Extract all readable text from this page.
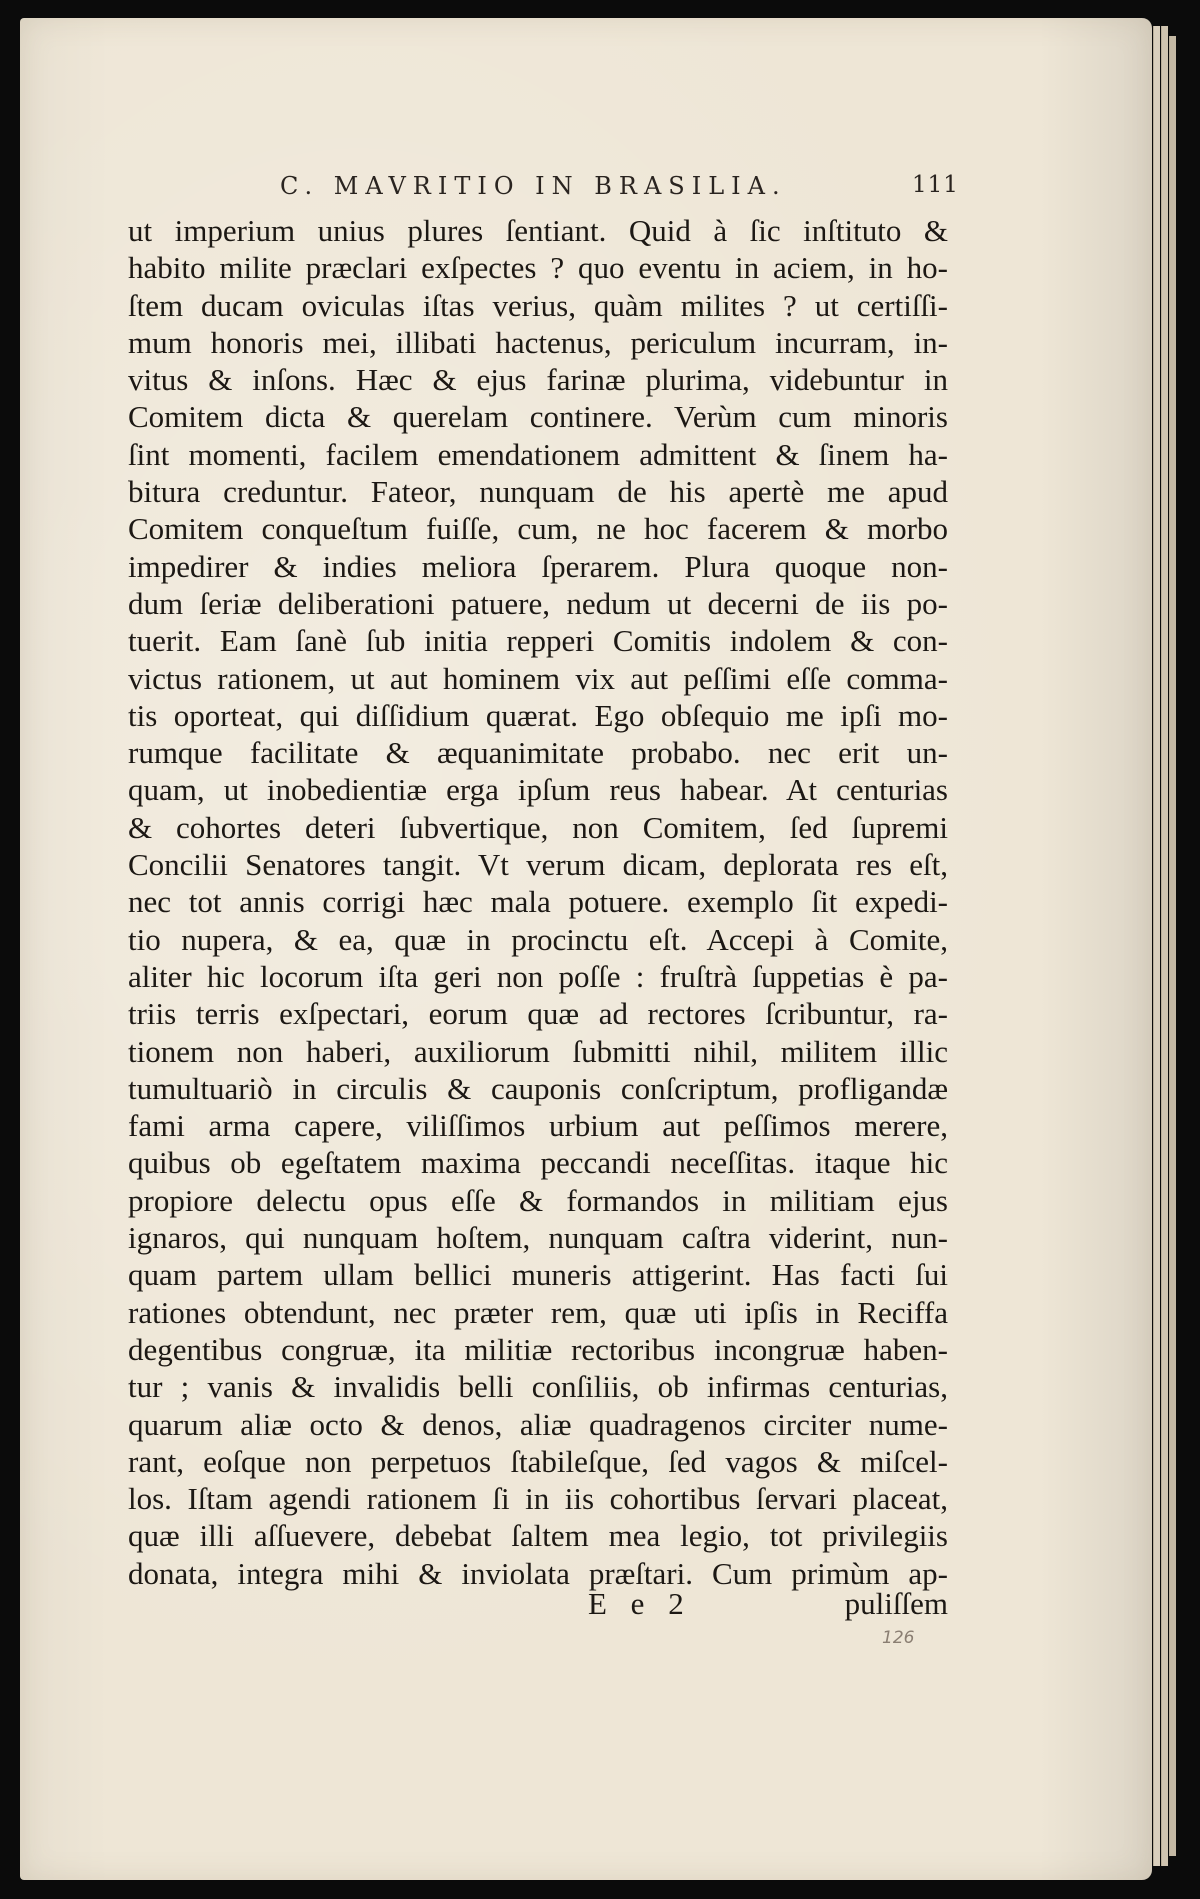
C. MAVRITIO IN BRASILIA.	111
ut imperium unius plures ſentiant. Quid à ſic inſtituto &
habito milite præclari exſpectes ? quo eventu in aciem, in ho-
ſtem ducam oviculas iſtas verius, quàm milites ? ut certiſſi-
mum honoris mei, illibati hactenus, periculum incurram, in-
vitus & inſons. Hæc & ejus farinæ plurima, videbuntur in
Comitem dicta & querelam continere. Verùm cum minoris
ſint momenti, facilem emendationem admittent & ſinem ha-
bitura creduntur. Fateor, nunquam de his apertè me apud
Comitem conqueſtum fuiſſe, cum, ne hoc facerem & morbo
impedirer & indies meliora ſperarem. Plura quoque non-
dum ſeriæ deliberationi patuere, nedum ut decerni de iis po-
tuerit. Eam ſanè ſub initia repperi Comitis indolem & con-
victus rationem, ut aut hominem vix aut peſſimi eſſe comma-
tis oporteat, qui diſſidium quærat. Ego obſequio me ipſi mo-
rumque facilitate & æquanimitate probabo. nec erit un-
quam, ut inobedientiæ erga ipſum reus habear. At centurias
& cohortes deteri ſubvertique, non Comitem, ſed ſupremi
Concilii Senatores tangit. Vt verum dicam, deplorata res eſt,
nec tot annis corrigi hæc mala potuere. exemplo ſit expedi-
tio nupera, & ea, quæ in procinctu eſt. Accepi à Comite,
aliter hic locorum iſta geri non poſſe : fruſtrà ſuppetias è pa-
triis terris exſpectari, eorum quæ ad rectores ſcribuntur, ra-
tionem non haberi, auxiliorum ſubmitti nihil, militem illic
tumultuariò in circulis & cauponis conſcriptum, profligandæ
fami arma capere, viliſſimos urbium aut peſſimos merere,
quibus ob egeſtatem maxima peccandi neceſſitas. itaque hic
propiore delectu opus eſſe & formandos in militiam ejus
ignaros, qui nunquam hoſtem, nunquam caſtra viderint, nun-
quam partem ullam bellici muneris attigerint. Has facti ſui
rationes obtendunt, nec præter rem, quæ uti ipſis in Reciffa
degentibus congruæ, ita militiæ rectoribus incongruæ haben-
tur ; vanis & invalidis belli conſiliis, ob infirmas centurias,
quarum aliæ octo & denos, aliæ quadragenos circiter nume-
rant, eoſque non perpetuos ſtabileſque, ſed vagos & miſcel-
los. Iſtam agendi rationem ſi in iis cohortibus ſervari placeat,
quæ illi aſſuevere, debebat ſaltem mea legio, tot privilegiis
donata, integra mihi & inviolata præſtari. Cum primùm ap-
E e 2	puliſſem
126
